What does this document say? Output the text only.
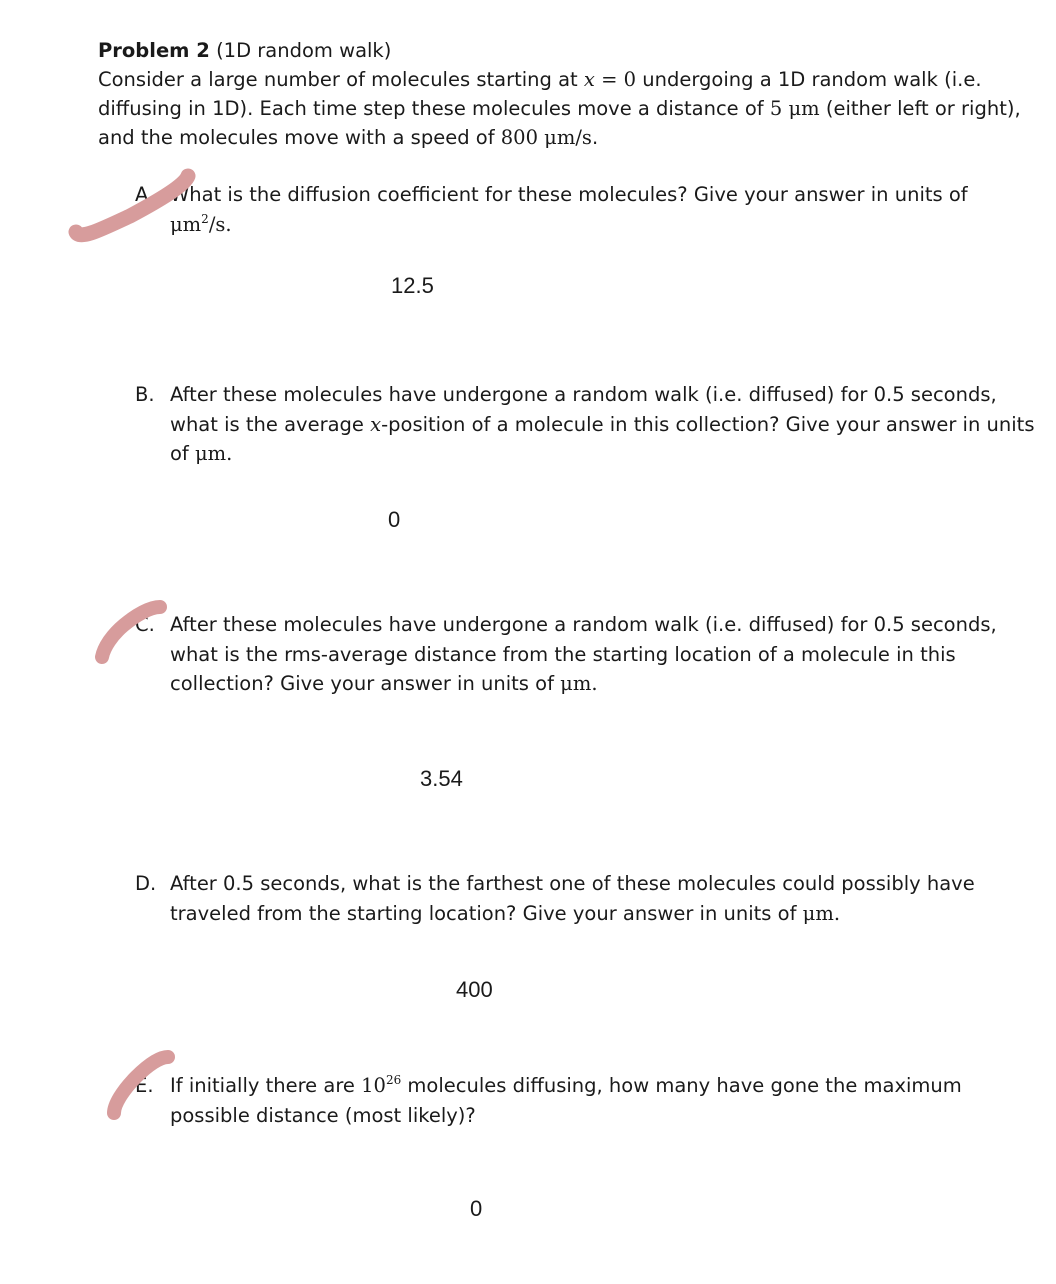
Problem 2 (1D random walk)
Consider a large number of molecules starting at x = 0 undergoing a 1D random walk (i.e.
diffusing in 1D). Each time step these molecules move a distance of 5 μm (either left or right),
and the molecules move with a speed of 800 μm/s.
A. What is the diffusion coefficient for these molecules? Give your answer in units of
$\mu m^2/s$.
12.5
B. After these molecules have undergone a random walk (i.e. diffused) for 0.5 seconds,
what is the average x-position of a molecule in this collection? Give your answer in units
of μm.
0
C. After these molecules have undergone a random walk (i.e. diffused) for 0.5 seconds,
what is the rms-average distance from the starting location of a molecule in this
collection? Give your answer in units of μm.
3.54
D. After 0.5 seconds, what is the farthest one of these molecules could possibly have
traveled from the starting location? Give your answer in units of μm.
400
E. If initially there are $10^{26}$ molecules diffusing, how many have gone the maximum
possible distance (most likely)?
0
